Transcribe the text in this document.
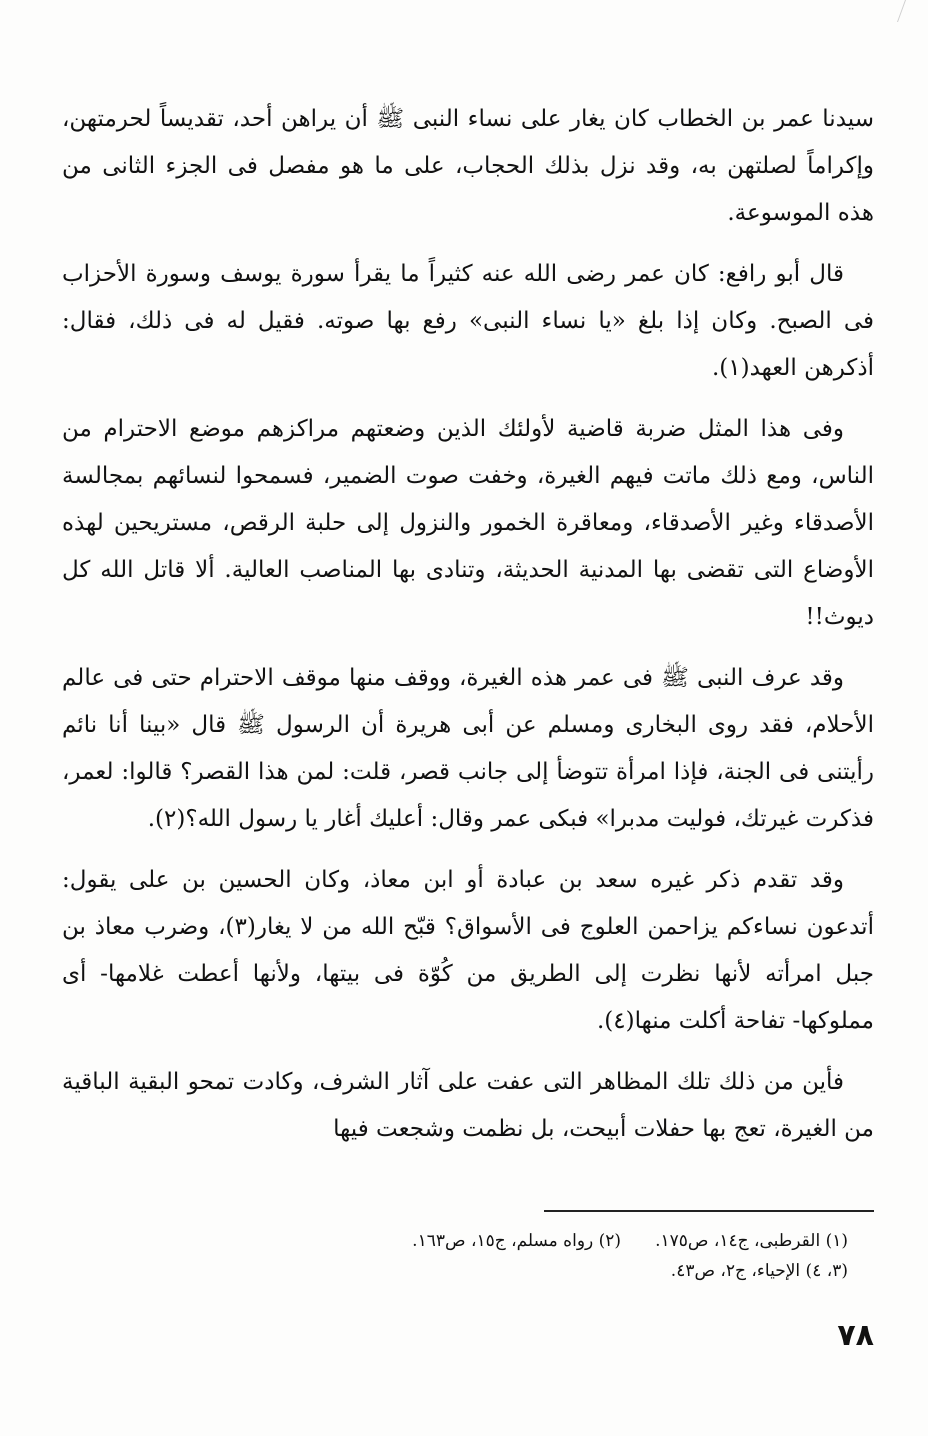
سيدنا عمر بن الخطاب كان يغار على نساء النبى ﷺ أن يراهن أحد، تقديساً لحرمتهن، وإكراماً لصلتهن به، وقد نزل بذلك الحجاب، على ما هو مفصل فى الجزء الثانى من هذه الموسوعة.

قال أبو رافع: كان عمر رضى الله عنه كثيراً ما يقرأ سورة يوسف وسورة الأحزاب فى الصبح. وكان إذا بلغ «يا نساء النبى» رفع بها صوته. فقيل له فى ذلك، فقال: أذكرهن العهد(١).

وفى هذا المثل ضربة قاضية لأولئك الذين وضعتهم مراكزهم موضع الاحترام من الناس، ومع ذلك ماتت فيهم الغيرة، وخفت صوت الضمير، فسمحوا لنسائهم بمجالسة الأصدقاء وغير الأصدقاء، ومعاقرة الخمور والنزول إلى حلبة الرقص، مستريحين لهذه الأوضاع التى تقضى بها المدنية الحديثة، وتنادى بها المناصب العالية. ألا قاتل الله كل ديوث!!

وقد عرف النبى ﷺ فى عمر هذه الغيرة، ووقف منها موقف الاحترام حتى فى عالم الأحلام، فقد روى البخارى ومسلم عن أبى هريرة أن الرسول ﷺ قال «بينا أنا نائم رأيتنى فى الجنة، فإذا امرأة تتوضأ إلى جانب قصر، قلت: لمن هذا القصر؟ قالوا: لعمر، فذكرت غيرتك، فوليت مدبرا» فبكى عمر وقال: أعليك أغار يا رسول الله؟(٢).

وقد تقدم ذكر غيره سعد بن عبادة أو ابن معاذ، وكان الحسين بن على يقول: أتدعون نساءكم يزاحمن العلوج فى الأسواق؟ قبّح الله من لا يغار(٣)، وضرب معاذ بن جبل امرأته لأنها نظرت إلى الطريق من كُوّة فى بيتها، ولأنها أعطت غلامها- أى مملوكها- تفاحة أكلت منها(٤).

فأين من ذلك تلك المظاهر التى عفت على آثار الشرف، وكادت تمحو البقية الباقية من الغيرة، تعج بها حفلات أبيحت، بل نظمت وشجعت فيها

(١) القرطبى، ج١٤، ص١٧٥.
(٢) رواه مسلم، ج١٥، ص١٦٣.
(٣، ٤) الإحياء، ج٢، ص٤٣.
٧٨
